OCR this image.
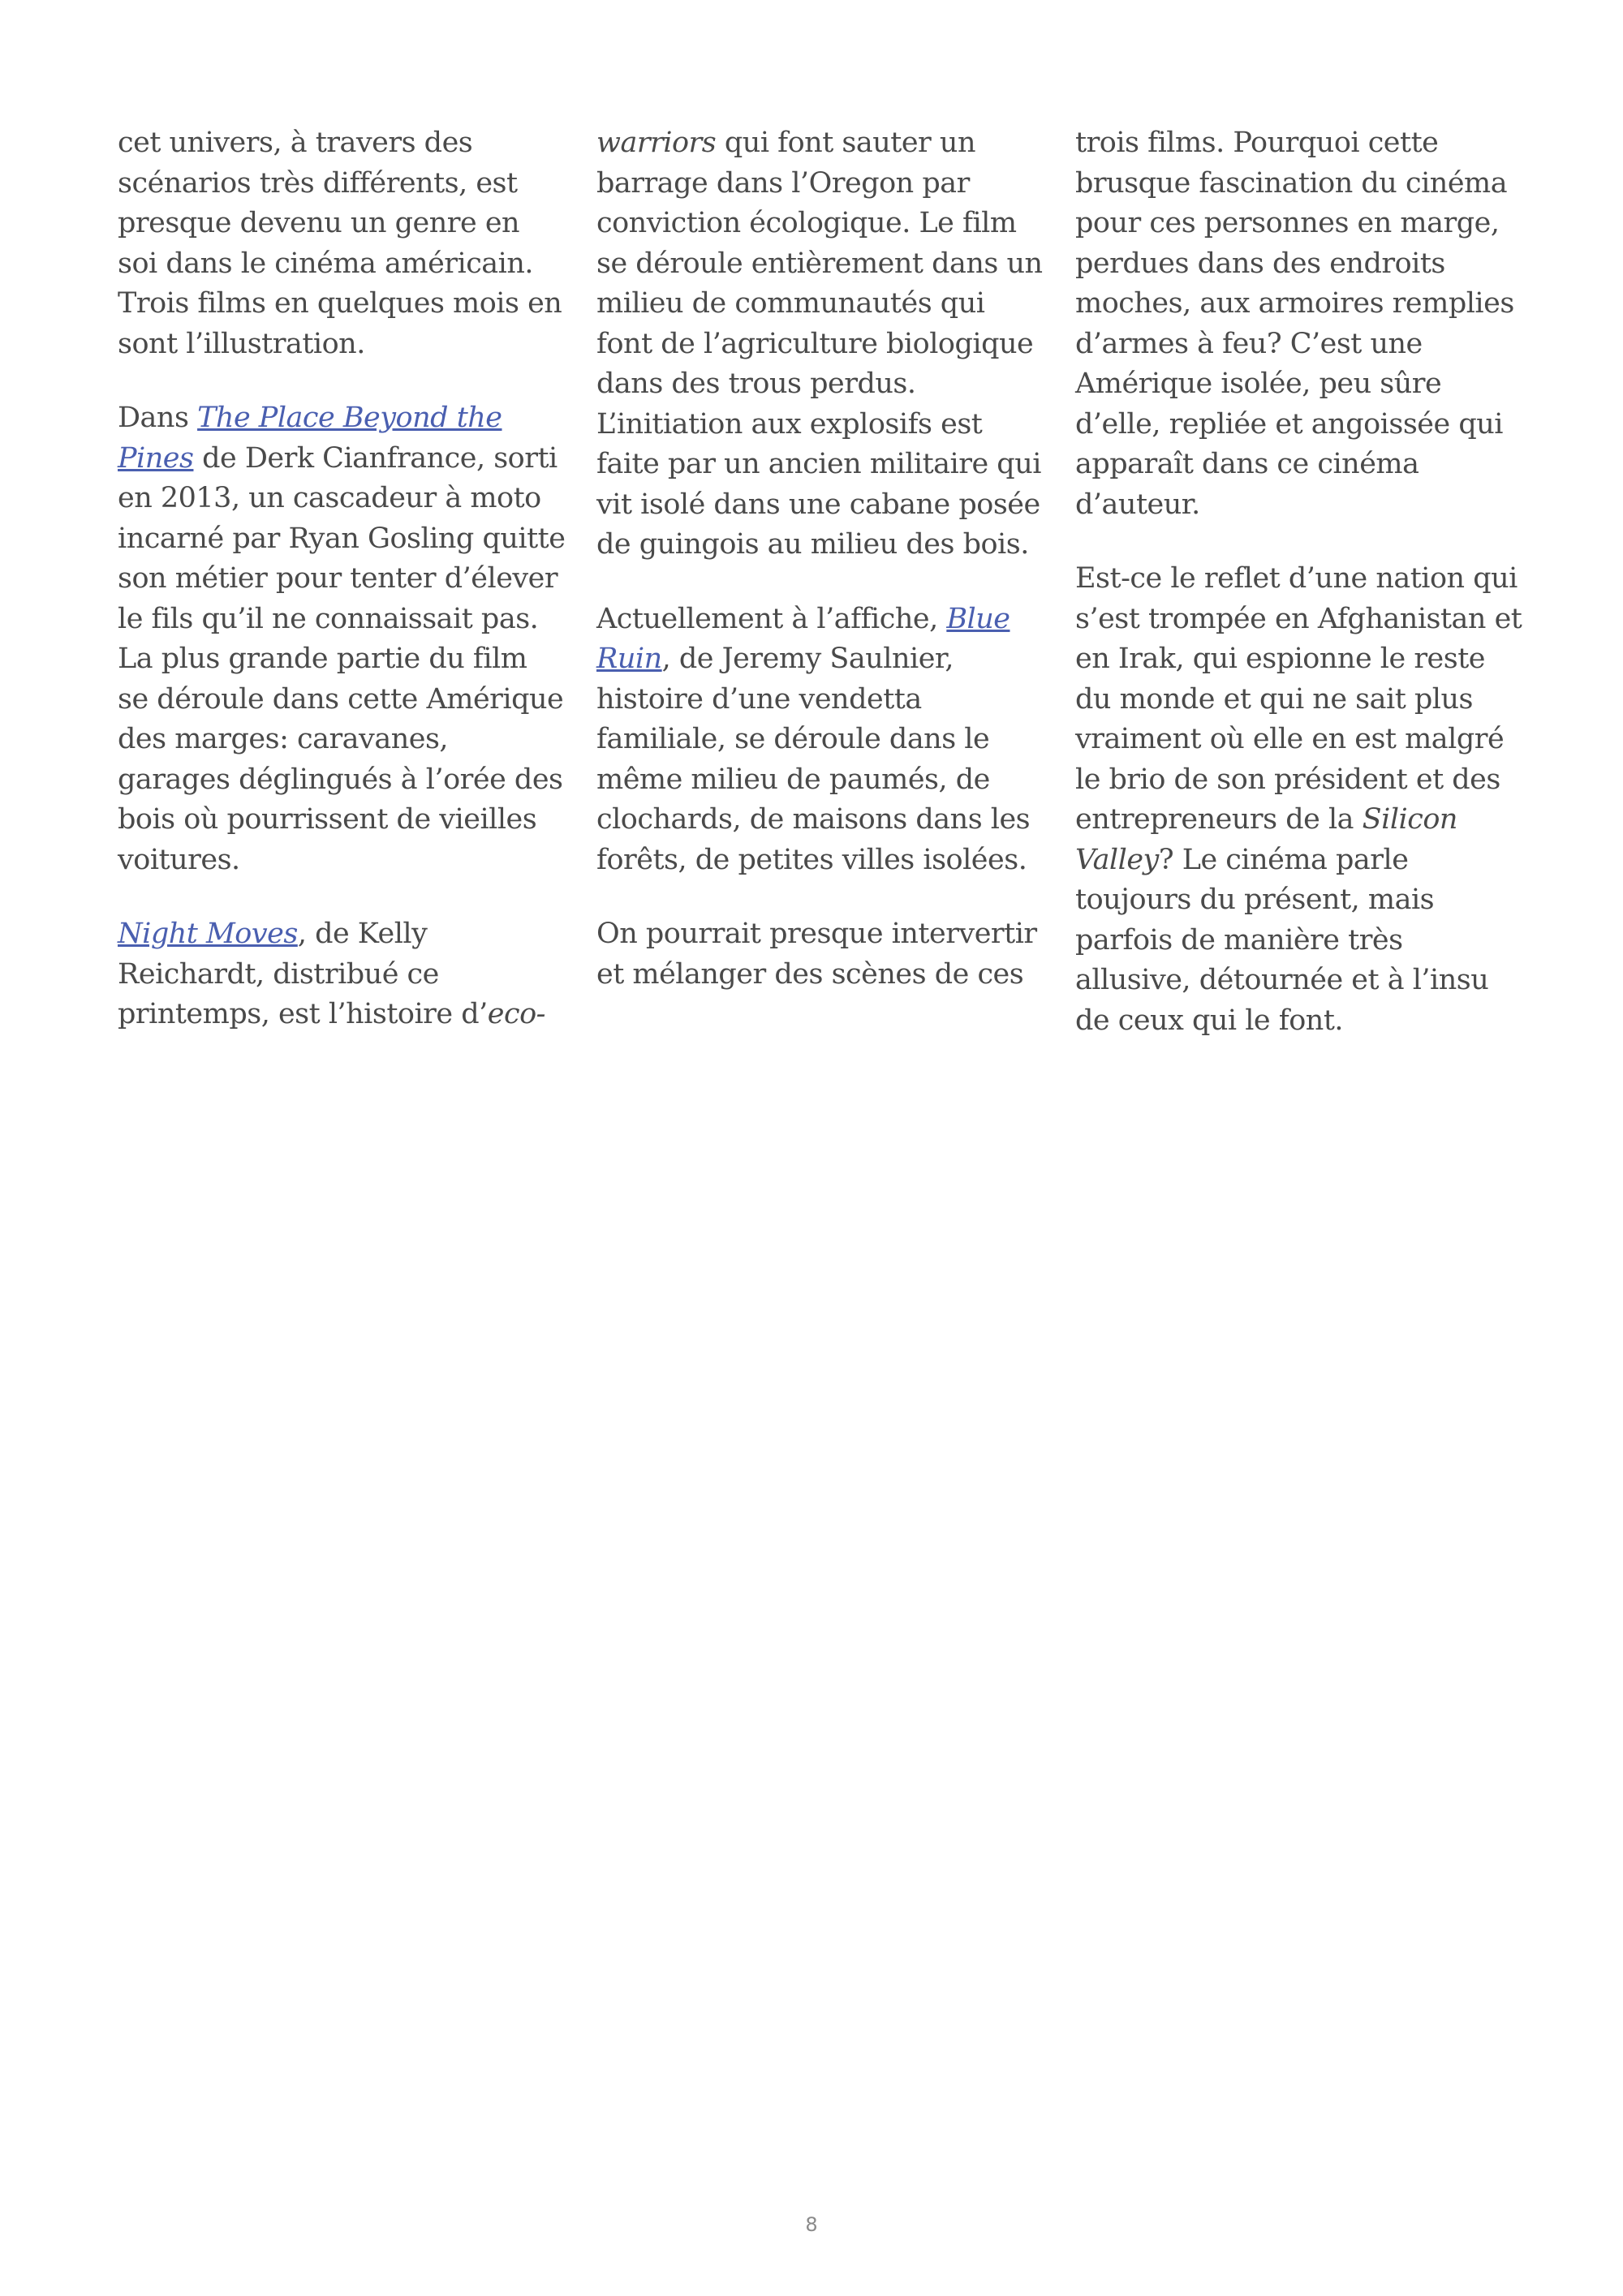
cet univers, à travers des
scénarios très différents, est
presque devenu un genre en
soi dans le cinéma américain.
Trois films en quelques mois en
sont l’illustration.

Dans The Place Beyond the
Pines de Derk Cianfrance, sorti
en 2013, un cascadeur à moto
incarné par Ryan Gosling quitte
son métier pour tenter d’élever
le fils qu’il ne connaissait pas.
La plus grande partie du film
se déroule dans cette Amérique
des marges: caravanes,
garages déglingués à l’orée des
bois où pourrissent de vieilles
voitures.

Night Moves, de Kelly
Reichardt, distribué ce
printemps, est l’histoire d’eco-

warriors qui font sauter un
barrage dans l’Oregon par
conviction écologique. Le film
se déroule entièrement dans un
milieu de communautés qui
font de l’agriculture biologique
dans des trous perdus.
L’initiation aux explosifs est
faite par un ancien militaire qui
vit isolé dans une cabane posée
de guingois au milieu des bois.

Actuellement à l’affiche, Blue
Ruin, de Jeremy Saulnier,
histoire d’une vendetta
familiale, se déroule dans le
même milieu de paumés, de
clochards, de maisons dans les
forêts, de petites villes isolées.

On pourrait presque intervertir
et mélanger des scènes de ces

trois films. Pourquoi cette
brusque fascination du cinéma
pour ces personnes en marge,
perdues dans des endroits
moches, aux armoires remplies
d’armes à feu? C’est une
Amérique isolée, peu sûre
d’elle, repliée et angoissée qui
apparaît dans ce cinéma
d’auteur.

Est-ce le reflet d’une nation qui
s’est trompée en Afghanistan et
en Irak, qui espionne le reste
du monde et qui ne sait plus
vraiment où elle en est malgré
le brio de son président et des
entrepreneurs de la Silicon
Valley? Le cinéma parle
toujours du présent, mais
parfois de manière très
allusive, détournée et à l’insu
de ceux qui le font.

8
